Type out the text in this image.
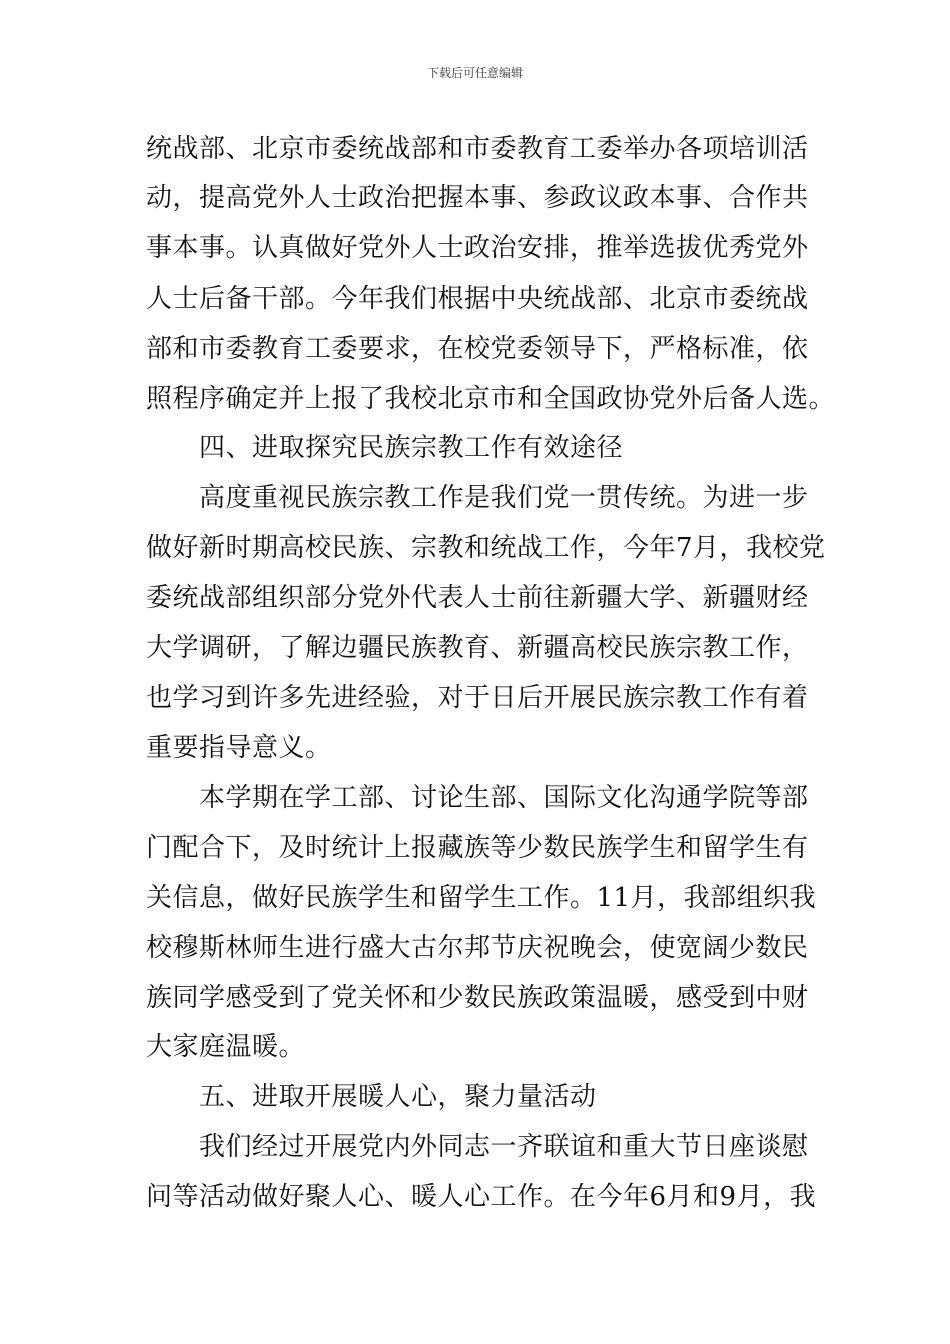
下载后可任意编辑
统战部、北京市委统战部和市委教育工委举办各项培训活
动，提高党外人士政治把握本事、参政议政本事、合作共
事本事。认真做好党外人士政治安排，推举选拔优秀党外
人士后备干部。今年我们根据中央统战部、北京市委统战
部和市委教育工委要求，在校党委领导下，严格标准，依
照程序确定并上报了我校北京市和全国政协党外后备人选。
四、进取探究民族宗教工作有效途径
高度重视民族宗教工作是我们党一贯传统。为进一步
做好新时期高校民族、宗教和统战工作，今年7月，我校党
委统战部组织部分党外代表人士前往新疆大学、新疆财经
大学调研，了解边疆民族教育、新疆高校民族宗教工作，
也学习到许多先进经验，对于日后开展民族宗教工作有着
重要指导意义。
本学期在学工部、讨论生部、国际文化沟通学院等部
门配合下，及时统计上报藏族等少数民族学生和留学生有
关信息，做好民族学生和留学生工作。11月，我部组织我
校穆斯林师生进行盛大古尔邦节庆祝晚会，使宽阔少数民
族同学感受到了党关怀和少数民族政策温暖，感受到中财
大家庭温暖。
五、进取开展暖人心，聚力量活动
我们经过开展党内外同志一齐联谊和重大节日座谈慰
问等活动做好聚人心、暖人心工作。在今年6月和9月，我
